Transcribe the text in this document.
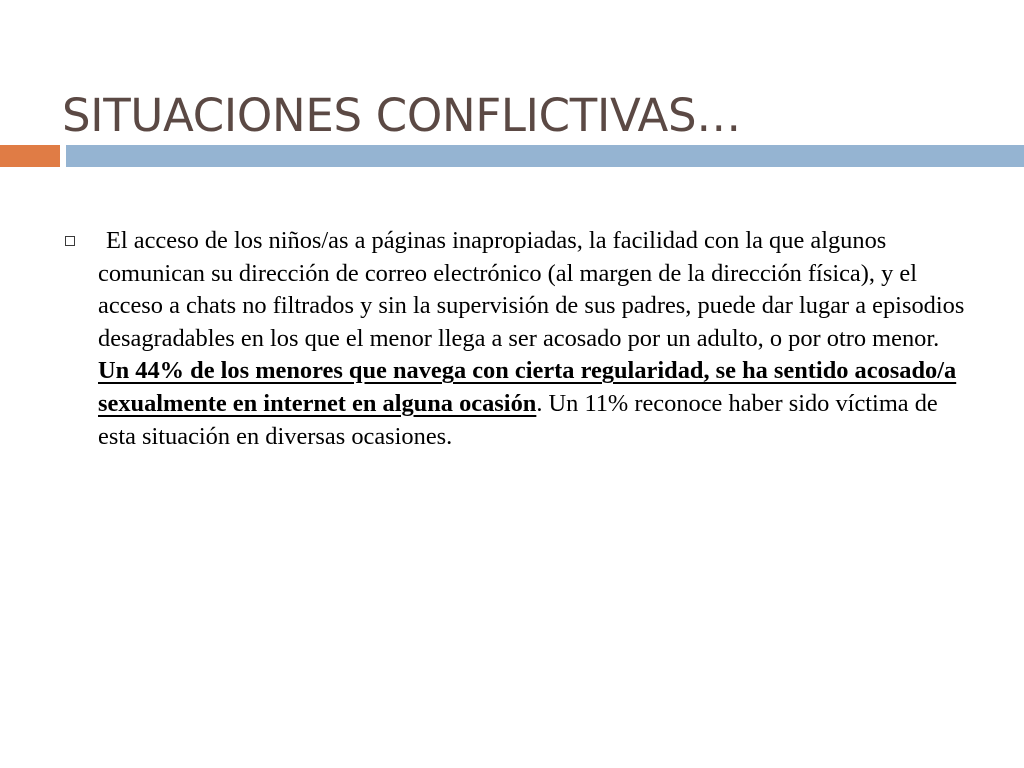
SITUACIONES CONFLICTIVAS…

El acceso de los niños/as a páginas inapropiadas, la facilidad con la que algunos comunican su dirección de correo electrónico (al margen de la dirección física), y el acceso a chats no filtrados y sin la supervisión de sus padres, puede dar lugar a episodios desagradables en los que el menor llega a ser acosado por un adulto, o por otro menor. Un 44% de los menores que navega con cierta regularidad, se ha sentido acosado/a sexualmente en internet en alguna ocasión. Un 11% reconoce haber sido víctima de esta situación en diversas ocasiones.
